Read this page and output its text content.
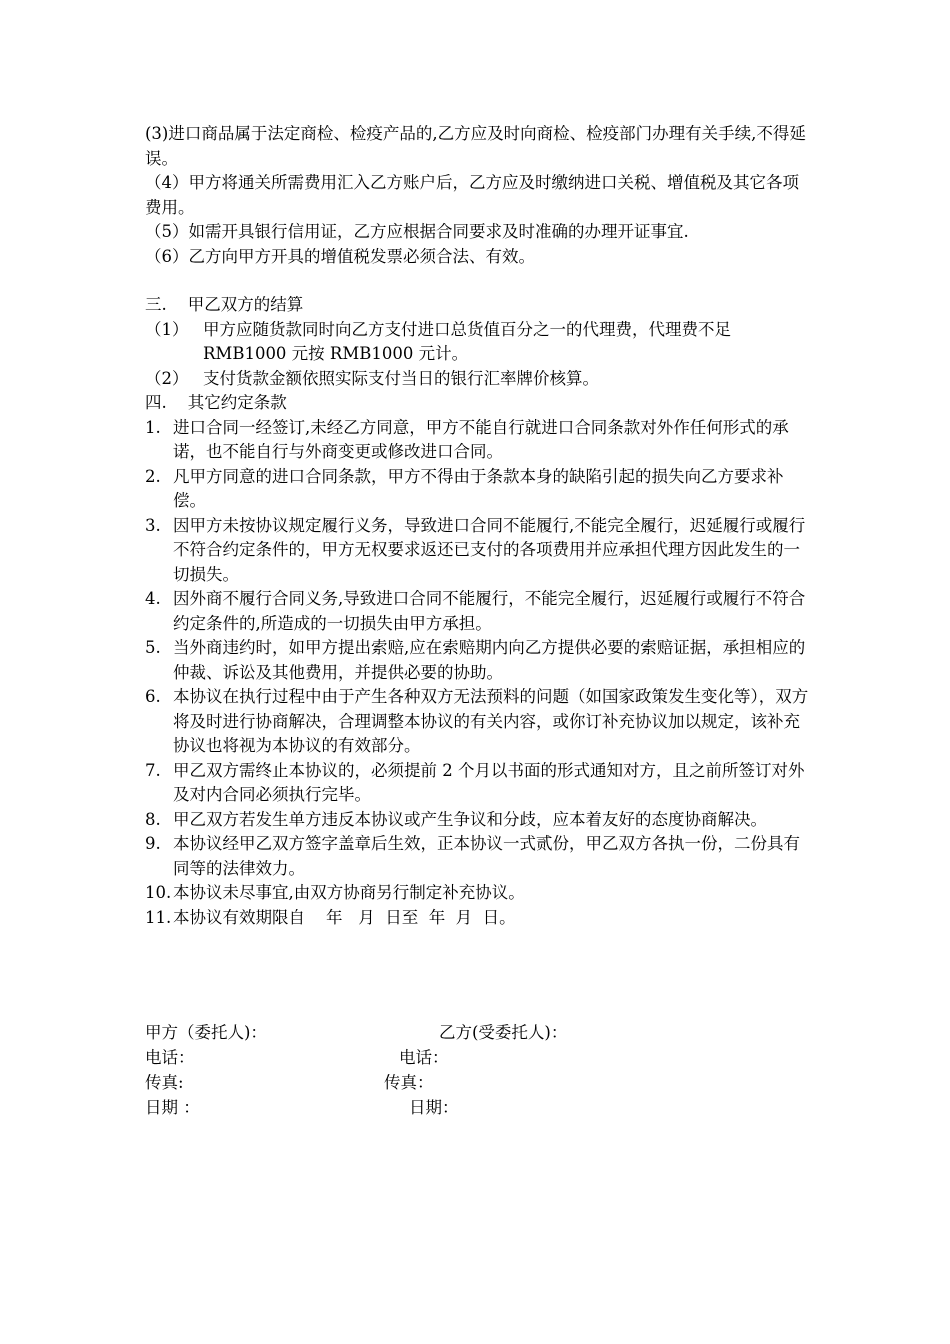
(3)进口商品属于法定商检、检疫产品的,乙方应及时向商检、检疫部门办理有关手续,不得延误。

（4）甲方将通关所需费用汇入乙方账户后，乙方应及时缴纳进口关税、增值税及其它各项费用。

（5）如需开具银行信用证，乙方应根据合同要求及时准确的办理开证事宜.

（6）乙方向甲方开具的增值税发票必须合法、有效。

三.    甲乙双方的结算

（1） 甲方应随货款同时向乙方支付进口总货值百分之一的代理费，代理费不足 RMB1000 元按 RMB1000 元计。
（2） 支付货款金额依照实际支付当日的银行汇率牌价核算。

四.    其它约定条款

1. 进口合同一经签订,未经乙方同意，甲方不能自行就进口合同条款对外作任何形式的承诺，也不能自行与外商变更或修改进口合同。
2. 凡甲方同意的进口合同条款，甲方不得由于条款本身的缺陷引起的损失向乙方要求补偿。
3. 因甲方未按协议规定履行义务，导致进口合同不能履行,不能完全履行，迟延履行或履行不符合约定条件的，甲方无权要求返还已支付的各项费用并应承担代理方因此发生的一切损失。
4. 因外商不履行合同义务,导致进口合同不能履行，不能完全履行，迟延履行或履行不符合约定条件的,所造成的一切损失由甲方承担。
5. 当外商违约时，如甲方提出索赔,应在索赔期内向乙方提供必要的索赔证据，承担相应的仲裁、诉讼及其他费用，并提供必要的协助。
6. 本协议在执行过程中由于产生各种双方无法预料的问题（如国家政策发生变化等），双方将及时进行协商解决，合理调整本协议的有关内容，或你订补充协议加以规定，该补充协议也将视为本协议的有效部分。
7. 甲乙双方需终止本协议的，必须提前 2 个月以书面的形式通知对方，且之前所签订对外及对内合同必须执行完毕。
8. 甲乙双方若发生单方违反本协议或产生争议和分歧，应本着友好的态度协商解决。
9. 本协议经甲乙双方签字盖章后生效，正本协议一式贰份，甲乙双方各执一份，二份具有同等的法律效力。
10. 本协议未尽事宜,由双方协商另行制定补充协议。
11. 本协议有效期限自    年   月  日至  年  月  日。
甲方（委托人)：	乙方(受委托人)：
电话：	电话：
传真:	传真：
日期 ：	日期：
